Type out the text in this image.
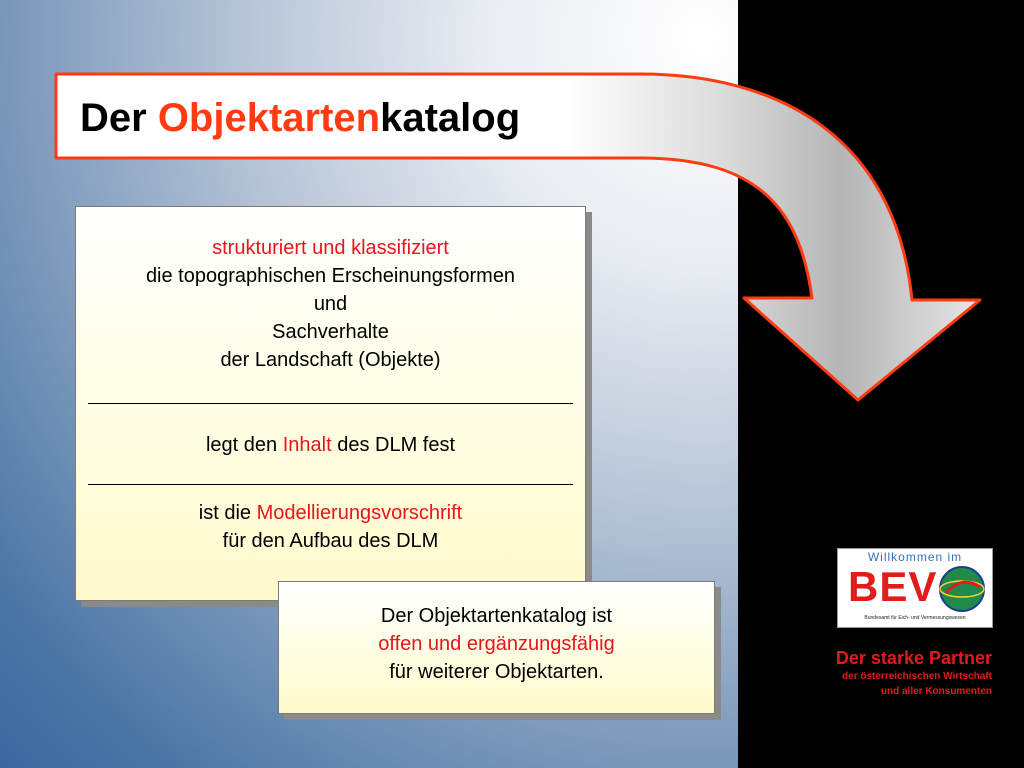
Der Objektartenkatalog
strukturiert und klassifiziert
die topographischen Erscheinungsformen
und
Sachverhalte
der Landschaft (Objekte)
legt den Inhalt des DLM fest
ist die Modellierungsvorschrift
für den Aufbau des DLM
Der Objektartenkatalog ist
offen und ergänzungsfähig
für weiterer Objektarten.
Willkommen im
BEV
Bundesamt für Eich- und Vermessungswesen
Der starke Partner
der österreichischen Wirtschaft
und aller Konsumenten
